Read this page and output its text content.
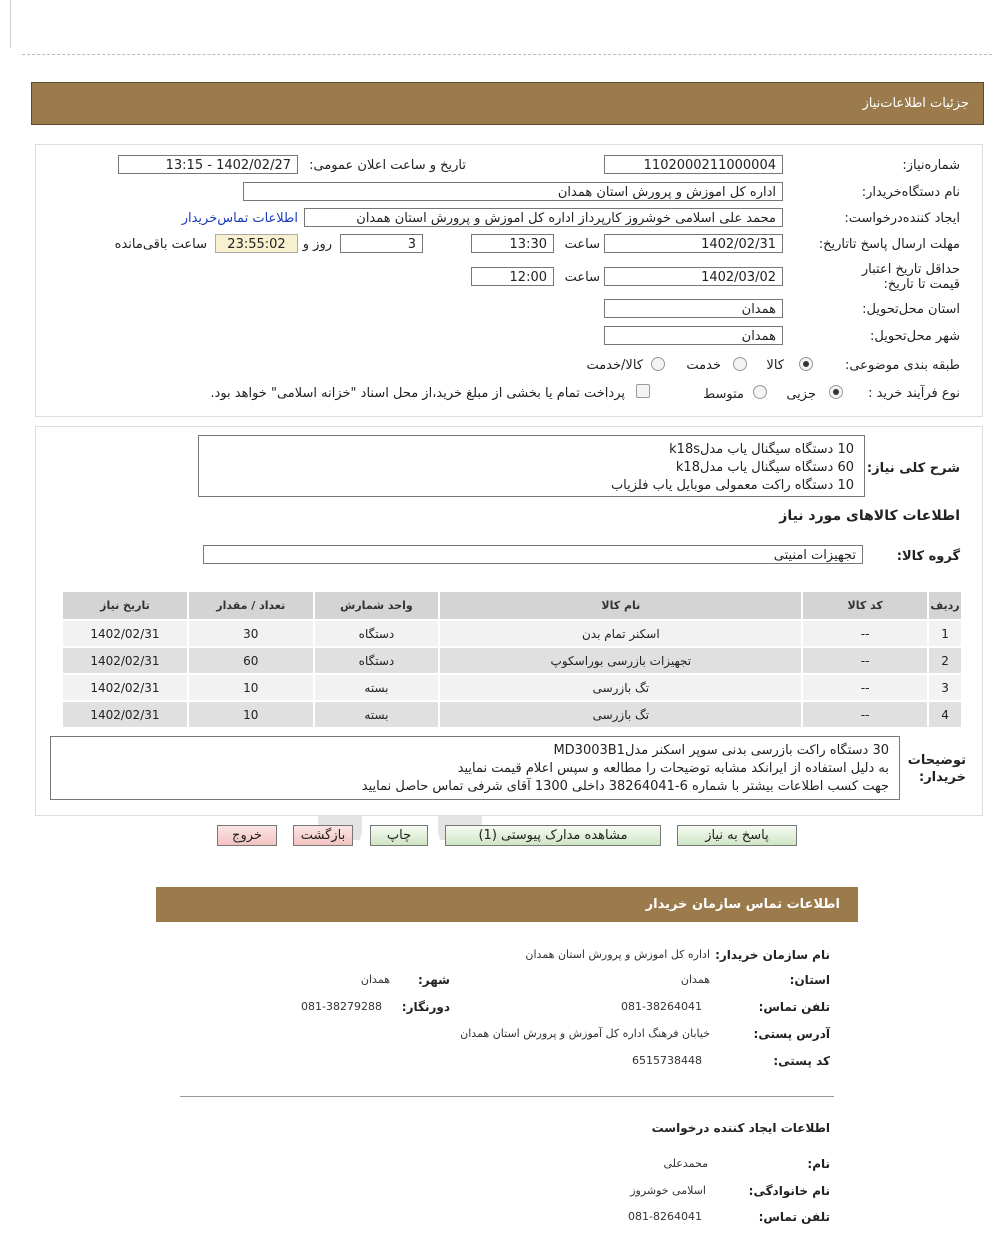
جزئیات اطلاعات‌نیاز
شماره‌نیاز:
1102000211000004
تاریخ و ساعت اعلان عمومی:
1402/02/27 - 13:15
نام دستگاه‌خریدار:
اداره کل اموزش و پرورش استان همدان
ایجاد کننده‌درخواست:
محمد علی اسلامی خوشروز کارپرداز اداره کل اموزش و پرورش استان همدان
اطلاعات تماس‌خریدار
مهلت ارسال پاسخ تا‌تاریخ:
1402/02/31
ساعت
13:30
3
روز و
23:55:02
ساعت باقی‌مانده
حداقل تاریخ اعتبار قیمت تا تاریخ:
1402/03/02
ساعت
12:00
استان محل‌تحویل:
همدان
شهر محل‌تحویل:
همدان
طبقه بندی موضوعی:
کالا
خدمت
کالا/خدمت
نوع فرآیند خرید :
جزیی
متوسط
پرداخت تمام یا بخشی از مبلغ خرید،از محل اسناد "خزانه اسلامی" خواهد بود.
شرح کلی نیاز:
10 دستگاه سیگنال یاب مدلk18s
60 دستگاه سیگنال یاب مدلk18
10 دستگاه راکت معمولی موبایل یاب فلزیاب
اطلاعات کالاهای مورد نیاز
گروه کالا:
تجهیزات امنیتی
ردیف	کد کالا	نام کالا	واحد شمارش	تعداد / مقدار	تاریخ نیاز
1	--	اسکنر تمام بدن	دستگاه	30	1402/02/31
2	--	تجهیزات بازرسی بوراسکوپ	دستگاه	60	1402/02/31
3	--	تگ بازرسی	بسته	10	1402/02/31
4	--	تگ بازرسی	بسته	10	1402/02/31
توضیحات خریدار:
30 دستگاه راکت بازرسی بدنی سوپر اسکنر مدلMD3003B1
به دلیل استفاده از ایرانکد مشابه توضیحات را مطالعه و سپس اعلام قیمت نمایید
جهت کسب اطلاعات بیشتر با شماره 6-38264041 داخلی 1300 آقای شرفی تماس حاصل نمایید
پاسخ به نیاز
مشاهده مدارک پیوستی (1)
چاپ
بازگشت
خروج
اطلاعات تماس سازمان خریدار
نام سازمان خریدار:
اداره کل اموزش و پرورش استان همدان
استان:
همدان
شهر:
همدان
تلفن تماس:
081-38264041
دورنگار:
081-38279288
آدرس پستی:
خیابان فرهنگ اداره کل آموزش و پرورش استان همدان
کد پستی:
6515738448
اطلاعات ایجاد کننده درخواست
نام:
محمدعلی
نام خانوادگی:
اسلامی خوشروز
تلفن تماس:
081-8264041
